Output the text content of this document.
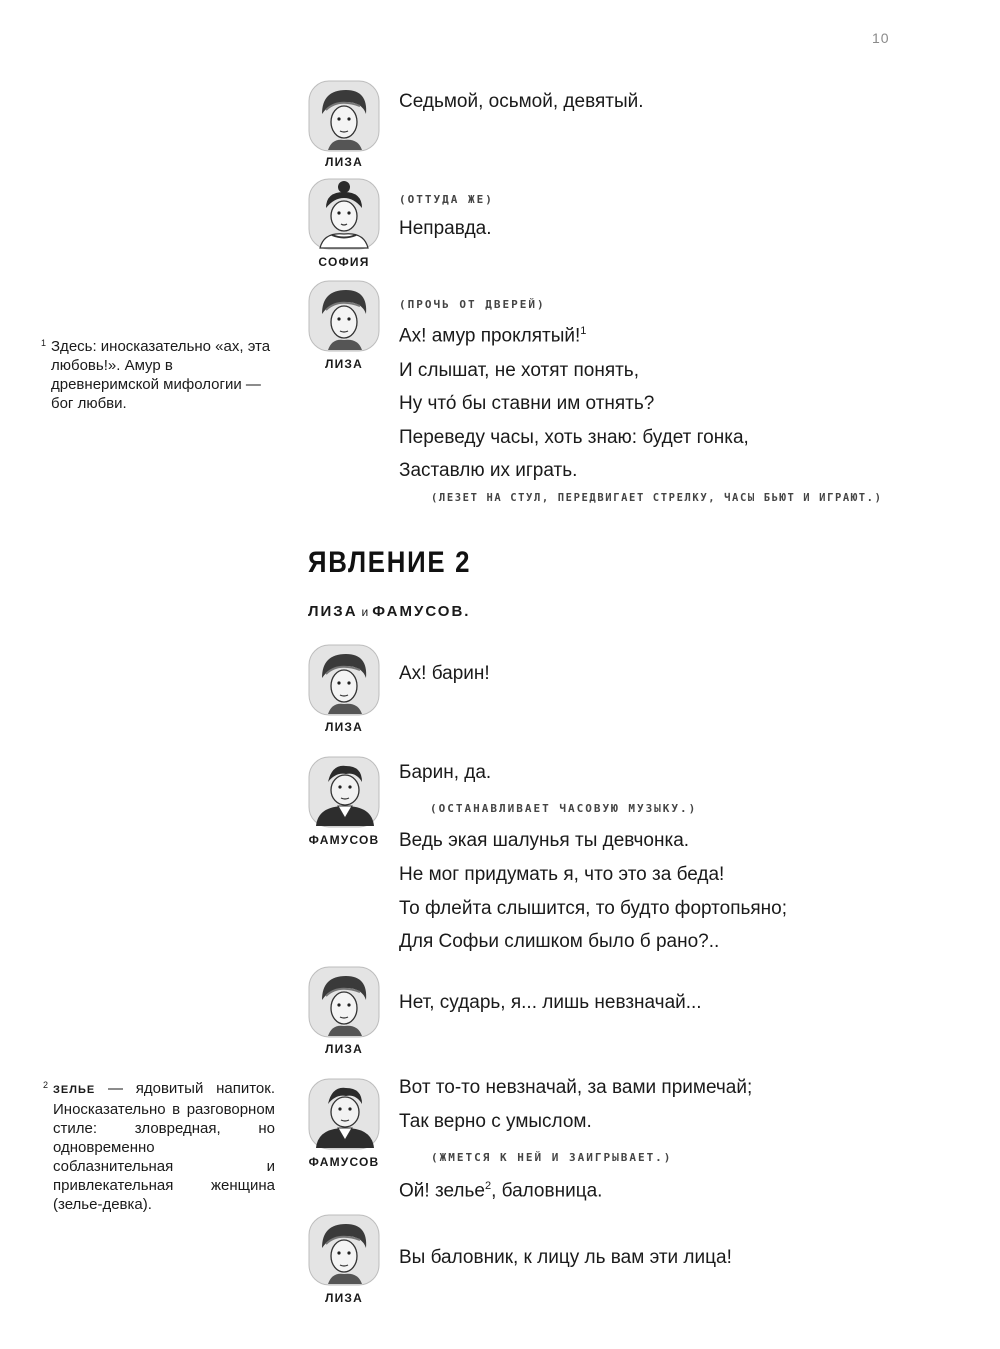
10
ЛИЗА
Седьмой, осьмой, девятый.
СОФИЯ
(ОТТУДА ЖЕ)
Неправда.
ЛИЗА
(ПРОЧЬ ОТ ДВЕРЕЙ)
Ах! амур проклятый!$^1$
И слышат, не хотят понять,
Ну что́ бы ставни им отнять?
Переведу часы, хоть знаю: будет гонка,
Заставлю их играть.
(ЛЕЗЕТ НА СТУЛ, ПЕРЕДВИГАЕТ СТРЕЛКУ, ЧАСЫ БЬЮТ И ИГРАЮТ.)
1 Здесь: иносказательно «ах, эта любовь!». Амур в древнеримской мифологии — бог любви.
ЯВЛЕНИЕ 2
ЛИЗА и ФАМУСОВ.
ЛИЗА
Ах! барин!
ФАМУСОВ
Барин, да.
(ОСТАНАВЛИВАЕТ ЧАСОВУЮ МУЗЫКУ.)
Ведь экая шалунья ты девчонка.
Не мог придумать я, что это за беда!
То флейта слышится, то будто фортопьяно;
Для Софьи слишком было б рано?..
ЛИЗА
Нет, сударь, я... лишь невзначай...
2 ЗЕЛЬЕ — ядовитый напиток. Иносказательно в разговорном стиле: зловредная, но одновременно соблазнительная и привлекательная женщина (зелье-девка).
ФАМУСОВ
Вот то-то невзначай, за вами примечай;
Так верно с умыслом.
(ЖМЕТСЯ К НЕЙ И ЗАИГРЫВАЕТ.)
Ой! зелье$^2$, баловница.
ЛИЗА
Вы баловник, к лицу ль вам эти лица!
